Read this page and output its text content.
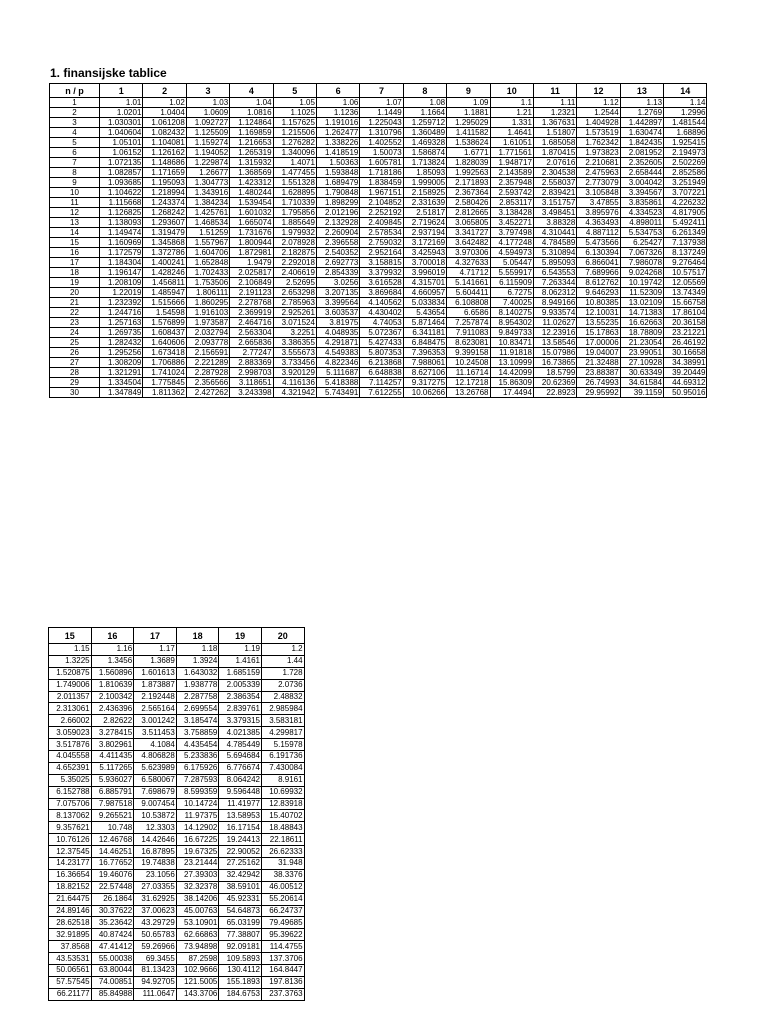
1. finansijske tablice
n / p	1	2	3	4	5	6	7	8	9	10	11	12	13	14
1	1.01	1.02	1.03	1.04	1.05	1.06	1.07	1.08	1.09	1.1	1.11	1.12	1.13	1.14
2	1.0201	1.0404	1.0609	1.0816	1.1025	1.1236	1.1449	1.1664	1.1881	1.21	1.2321	1.2544	1.2769	1.2996
3	1.030301	1.061208	1.092727	1.124864	1.157625	1.191016	1.225043	1.259712	1.295029	1.331	1.367631	1.404928	1.442897	1.481544
4	1.040604	1.082432	1.125509	1.169859	1.215506	1.262477	1.310796	1.360489	1.411582	1.4641	1.51807	1.573519	1.630474	1.68896
5	1.05101	1.104081	1.159274	1.216653	1.276282	1.338226	1.402552	1.469328	1.538624	1.61051	1.685058	1.762342	1.842435	1.925415
6	1.06152	1.126162	1.194052	1.265319	1.340096	1.418519	1.50073	1.586874	1.6771	1.771561	1.870415	1.973823	2.081952	2.194973
7	1.072135	1.148686	1.229874	1.315932	1.4071	1.50363	1.605781	1.713824	1.828039	1.948717	2.07616	2.210681	2.352605	2.502269
8	1.082857	1.171659	1.26677	1.368569	1.477455	1.593848	1.718186	1.85093	1.992563	2.143589	2.304538	2.475963	2.658444	2.852586
9	1.093685	1.195093	1.304773	1.423312	1.551328	1.689479	1.838459	1.999005	2.171893	2.357948	2.558037	2.773079	3.004042	3.251949
10	1.104622	1.218994	1.343916	1.480244	1.628895	1.790848	1.967151	2.158925	2.367364	2.593742	2.839421	3.105848	3.394567	3.707221
11	1.115668	1.243374	1.384234	1.539454	1.710339	1.898299	2.104852	2.331639	2.580426	2.853117	3.151757	3.47855	3.835861	4.226232
12	1.126825	1.268242	1.425761	1.601032	1.795856	2.012196	2.252192	2.51817	2.812665	3.138428	3.498451	3.895976	4.334523	4.817905
13	1.138093	1.293607	1.468534	1.665074	1.885649	2.132928	2.409845	2.719624	3.065805	3.452271	3.88328	4.363493	4.898011	5.492411
14	1.149474	1.319479	1.51259	1.731676	1.979932	2.260904	2.578534	2.937194	3.341727	3.797498	4.310441	4.887112	5.534753	6.261349
15	1.160969	1.345868	1.557967	1.800944	2.078928	2.396558	2.759032	3.172169	3.642482	4.177248	4.784589	5.473566	6.25427	7.137938
16	1.172579	1.372786	1.604706	1.872981	2.182875	2.540352	2.952164	3.425943	3.970306	4.594973	5.310894	6.130394	7.067326	8.137249
17	1.184304	1.400241	1.652848	1.9479	2.292018	2.692773	3.158815	3.700018	4.327633	5.05447	5.895093	6.866041	7.986078	9.276464
18	1.196147	1.428246	1.702433	2.025817	2.406619	2.854339	3.379932	3.996019	4.71712	5.559917	6.543553	7.689966	9.024268	10.57517
19	1.208109	1.456811	1.753506	2.106849	2.52695	3.0256	3.616528	4.315701	5.141661	6.115909	7.263344	8.612762	10.19742	12.05569
20	1.22019	1.485947	1.806111	2.191123	2.653298	3.207135	3.869684	4.660957	5.604411	6.7275	8.062312	9.646293	11.52309	13.74349
21	1.232392	1.515666	1.860295	2.278768	2.785963	3.399564	4.140562	5.033834	6.108808	7.40025	8.949166	10.80385	13.02109	15.66758
22	1.244716	1.54598	1.916103	2.369919	2.925261	3.603537	4.430402	5.43654	6.6586	8.140275	9.933574	12.10031	14.71383	17.86104
23	1.257163	1.576899	1.973587	2.464716	3.071524	3.81975	4.74053	5.871464	7.257874	8.954302	11.02627	13.55235	16.62663	20.36158
24	1.269735	1.608437	2.032794	2.563304	3.2251	4.048935	5.072367	6.341181	7.911083	9.849733	12.23916	15.17863	18.78809	23.21221
25	1.282432	1.640606	2.093778	2.665836	3.386355	4.291871	5.427433	6.848475	8.623081	10.83471	13.58546	17.00006	21.23054	26.46192
26	1.295256	1.673418	2.156591	2.77247	3.555673	4.549383	5.807353	7.396353	9.399158	11.91818	15.07986	19.04007	23.99051	30.16658
27	1.308209	1.706886	2.221289	2.883369	3.733456	4.822346	6.213868	7.988061	10.24508	13.10999	16.73865	21.32488	27.10928	34.38991
28	1.321291	1.741024	2.287928	2.998703	3.920129	5.111687	6.648838	8.627106	11.16714	14.42099	18.5799	23.88387	30.63349	39.20449
29	1.334504	1.775845	2.356566	3.118651	4.116136	5.418388	7.114257	9.317275	12.17218	15.86309	20.62369	26.74993	34.61584	44.69312
30	1.347849	1.811362	2.427262	3.243398	4.321942	5.743491	7.612255	10.06266	13.26768	17.4494	22.8923	29.95992	39.1159	50.95016
15	16	17	18	19	20
1.15	1.16	1.17	1.18	1.19	1.2
1.3225	1.3456	1.3689	1.3924	1.4161	1.44
1.520875	1.560896	1.601613	1.643032	1.685159	1.728
1.749006	1.810639	1.873887	1.938778	2.005339	2.0736
2.011357	2.100342	2.192448	2.287758	2.386354	2.48832
2.313061	2.436396	2.565164	2.699554	2.839761	2.985984
2.66002	2.82622	3.001242	3.185474	3.379315	3.583181
3.059023	3.278415	3.511453	3.758859	4.021385	4.299817
3.517876	3.802961	4.1084	4.435454	4.785449	5.15978
4.045558	4.411435	4.806828	5.233836	5.694684	6.191736
4.652391	5.117265	5.623989	6.175926	6.776674	7.430084
5.35025	5.936027	6.580067	7.287593	8.064242	8.9161
6.152788	6.885791	7.698679	8.599359	9.596448	10.69932
7.075706	7.987518	9.007454	10.14724	11.41977	12.83918
8.137062	9.265521	10.53872	11.97375	13.58953	15.40702
9.357621	10.748	12.3303	14.12902	16.17154	18.48843
10.76126	12.46768	14.42646	16.67225	19.24413	22.18611
12.37545	14.46251	16.87895	19.67325	22.90052	26.62333
14.23177	16.77652	19.74838	23.21444	27.25162	31.948
16.36654	19.46076	23.1056	27.39303	32.42942	38.3376
18.82152	22.57448	27.03355	32.32378	38.59101	46.00512
21.64475	26.1864	31.62925	38.14206	45.92331	55.20614
24.89146	30.37622	37.00623	45.00763	54.64873	66.24737
28.62518	35.23642	43.29729	53.10901	65.03199	79.49685
32.91895	40.87424	50.65783	62.66863	77.38807	95.39622
37.8568	47.41412	59.26966	73.94898	92.09181	114.4755
43.53531	55.00038	69.3455	87.2598	109.5893	137.3706
50.06561	63.80044	81.13423	102.9666	130.4112	164.8447
57.57545	74.00851	94.92705	121.5005	155.1893	197.8136
66.21177	85.84988	111.0647	143.3706	184.6753	237.3763
